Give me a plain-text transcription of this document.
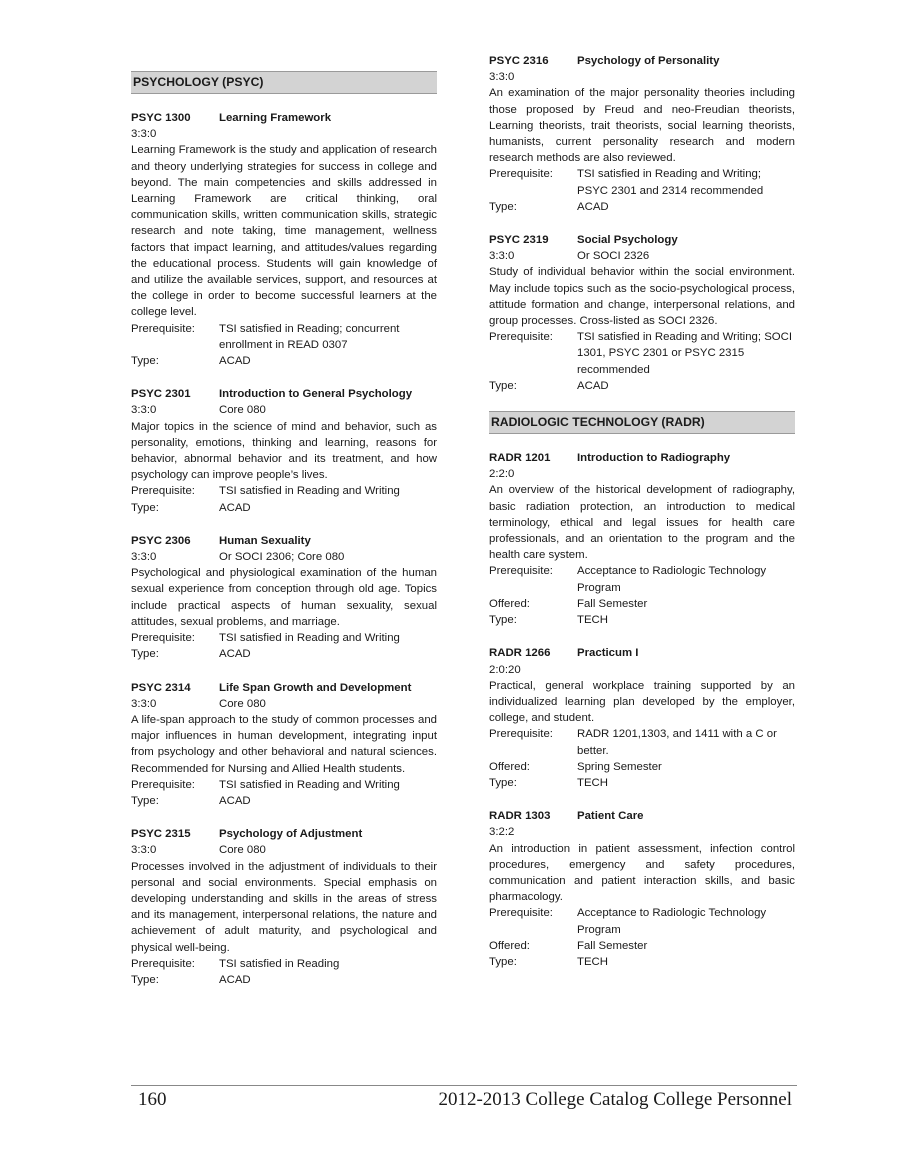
PSYCHOLOGY (PSYC)
PSYC 1300	Learning Framework
3:3:0
Learning Framework is the study and application of research and theory underlying strategies for success in college and beyond. The main competencies and skills addressed in Learning Framework are critical thinking, oral communication skills, written communication skills, strategic research and note taking, time management, wellness factors that impact learning, and attitudes/values regarding the educational process. Students will gain knowledge of and utilize the available services, support, and resources at the college in order to become successful learners at the college level.
Prerequisite:	TSI satisfied in Reading; concurrent enrollment in READ 0307
Type:	ACAD
PSYC 2301	Introduction to General Psychology
3:3:0	Core 080
Major topics in the science of mind and behavior, such as personality, emotions, thinking and learning, reasons for behavior, abnormal behavior and its treatment, and how psychology can improve people’s lives.
Prerequisite:	TSI satisfied in Reading and Writing
Type:	ACAD
PSYC 2306	Human Sexuality
3:3:0	Or SOCI 2306; Core 080
Psychological and physiological examination of the human sexual experience from conception through old age. Topics include practical aspects of human sexuality, sexual attitudes, sexual problems, and marriage.
Prerequisite:	TSI satisfied in Reading and Writing
Type:	ACAD
PSYC 2314	Life Span Growth and Development
3:3:0	Core 080
A life-span approach to the study of common processes and major influences in human development, integrating input from psychology and other behavioral and natural sciences. Recommended for Nursing and Allied Health students.
Prerequisite:	TSI satisfied in Reading and Writing
Type:	ACAD
PSYC 2315	Psychology of Adjustment
3:3:0	Core 080
Processes involved in the adjustment of individuals to their personal and social environments. Special emphasis on developing understanding and skills in the areas of stress and its management, interpersonal relations, the nature and achievement of adult maturity, and psychological and physical well-being.
Prerequisite:	TSI satisfied in Reading
Type:	ACAD
PSYC 2316	Psychology of Personality
3:3:0
An examination of the major personality theories including those proposed by Freud and neo-Freudian theorists, Learning theorists, trait theorists, social learning theorists, humanists, current personality research and modern research methods are also reviewed.
Prerequisite:	TSI satisfied in Reading and Writing; PSYC 2301 and 2314 recommended
Type:	ACAD
PSYC 2319	Social Psychology
3:3:0	Or SOCI 2326
Study of individual behavior within the social environment. May include topics such as the socio-psychological process, attitude formation and change, interpersonal relations, and group processes. Cross-listed as SOCI 2326.
Prerequisite:	TSI satisfied in Reading and Writing; SOCI 1301, PSYC 2301 or PSYC 2315 recommended
Type:	ACAD
RADIOLOGIC TECHNOLOGY (RADR)
RADR 1201	Introduction to Radiography
2:2:0
An overview of the historical development of radiography, basic radiation protection, an introduction to medical terminology, ethical and legal issues for health care professionals, and an orientation to the program and the health care system.
Prerequisite:	Acceptance to Radiologic Technology Program
Offered:	Fall Semester
Type:	TECH
RADR 1266	Practicum I
2:0:20
Practical, general workplace training supported by an individualized learning plan developed by the employer, college, and student.
Prerequisite:	RADR 1201,1303, and 1411 with a C or better.
Offered:	Spring Semester
Type:	TECH
RADR 1303	Patient Care
3:2:2
An introduction in patient assessment, infection control procedures, emergency and safety procedures, communication and patient interaction skills, and basic pharmacology.
Prerequisite:	Acceptance to Radiologic Technology Program
Offered:	Fall Semester
Type:	TECH
160	2012-2013 College Catalog College Personnel
